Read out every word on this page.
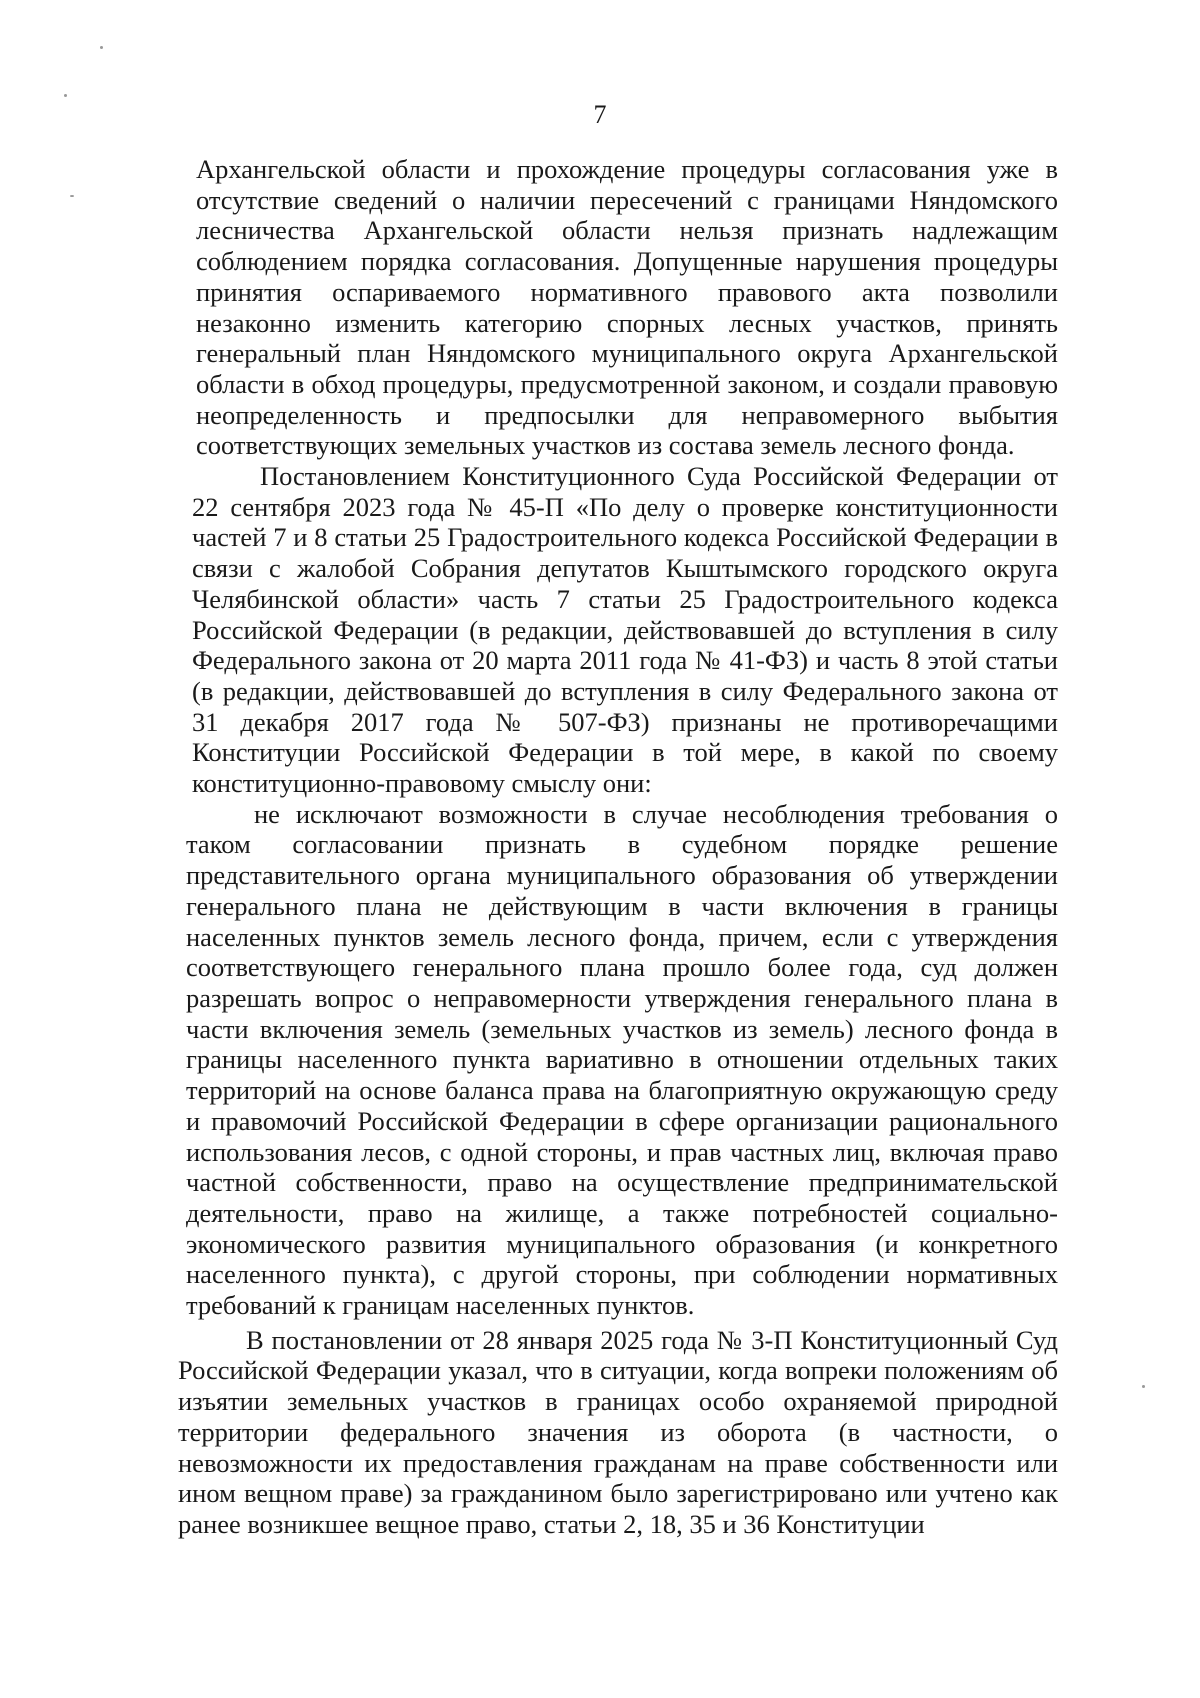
7

Архангельской области и прохождение процедуры согласования уже в отсутствие сведений о наличии пересечений с границами Няндомского лесничества Архангельской области нельзя признать надлежащим соблюдением порядка согласования. Допущенные нарушения процедуры принятия оспариваемого нормативного правового акта позволили незаконно изменить категорию спорных лесных участков, принять генеральный план Няндомского муниципального округа Архангельской области в обход процедуры, предусмотренной законом, и создали правовую неопределенность и предпосылки для неправомерного выбытия соответствующих земельных участков из состава земель лесного фонда.

Постановлением Конституционного Суда Российской Федерации от 22 сентября 2023 года № 45-П «По делу о проверке конституционности частей 7 и 8 статьи 25 Градостроительного кодекса Российской Федерации в связи с жалобой Собрания депутатов Кыштымского городского округа Челябинской области» часть 7 статьи 25 Градостроительного кодекса Российской Федерации (в редакции, действовавшей до вступления в силу Федерального закона от 20 марта 2011 года № 41-ФЗ) и часть 8 этой статьи (в редакции, действовавшей до вступления в силу Федерального закона от 31 декабря 2017 года № 507-ФЗ) признаны не противоречащими Конституции Российской Федерации в той мере, в какой по своему конституционно-правовому смыслу они:

не исключают возможности в случае несоблюдения требования о таком согласовании признать в судебном порядке решение представительного органа муниципального образования об утверждении генерального плана не действующим в части включения в границы населенных пунктов земель лесного фонда, причем, если с утверждения соответствующего генерального плана прошло более года, суд должен разрешать вопрос о неправомерности утверждения генерального плана в части включения земель (земельных участков из земель) лесного фонда в границы населенного пункта вариативно в отношении отдельных таких территорий на основе баланса права на благоприятную окружающую среду и правомочий Российской Федерации в сфере организации рационального использования лесов, с одной стороны, и прав частных лиц, включая право частной собственности, право на осуществление предпринимательской деятельности, право на жилище, а также потребностей социально-экономического развития муниципального образования (и конкретного населенного пункта), с другой стороны, при соблюдении нормативных требований к границам населенных пунктов.

В постановлении от 28 января 2025 года № 3-П Конституционный Суд Российской Федерации указал, что в ситуации, когда вопреки положениям об изъятии земельных участков в границах особо охраняемой природной территории федерального значения из оборота (в частности, о невозможности их предоставления гражданам на праве собственности или ином вещном праве) за гражданином было зарегистрировано или учтено как ранее возникшее вещное право, статьи 2, 18, 35 и 36 Конституции
